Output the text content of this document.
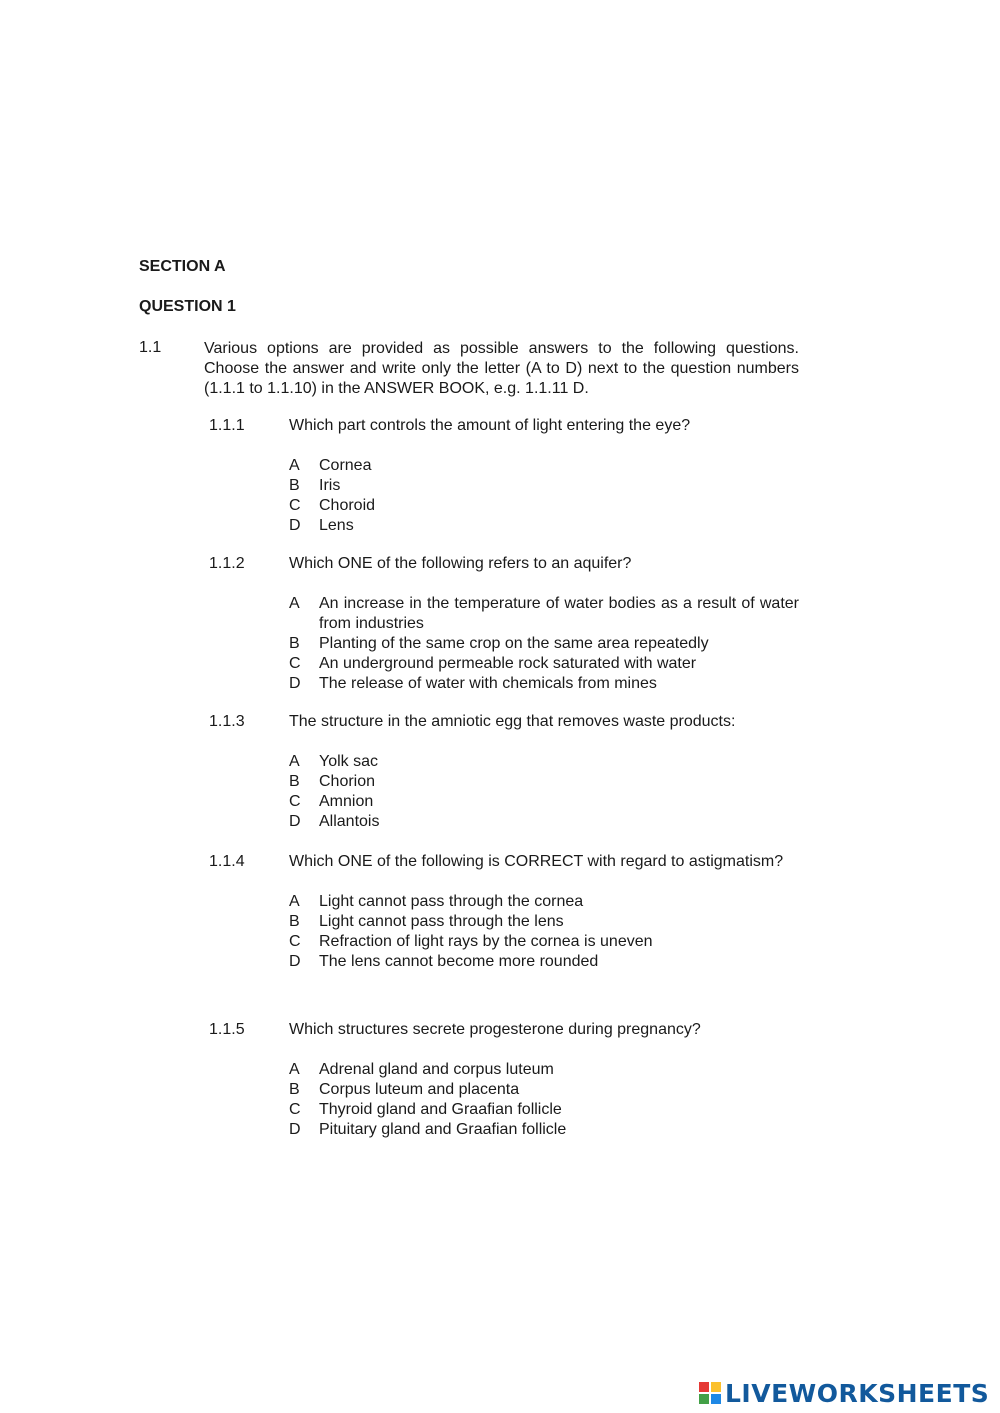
SECTION A
QUESTION 1
1.1	Various options are provided as possible answers to the following questions. Choose the answer and write only the letter (A to D) next to the question numbers (1.1.1 to 1.1.10) in the ANSWER BOOK, e.g. 1.1.11 D.
1.1.1	Which part controls the amount of light entering the eye?
A	Cornea
B	Iris
C	Choroid
D	Lens
1.1.2	Which ONE of the following refers to an aquifer?
A	An increase in the temperature of water bodies as a result of water from industries
B	Planting of the same crop on the same area repeatedly
C	An underground permeable rock saturated with water
D	The release of water with chemicals from mines
1.1.3	The structure in the amniotic egg that removes waste products:
A	Yolk sac
B	Chorion
C	Amnion
D	Allantois
1.1.4	Which ONE of the following is CORRECT with regard to astigmatism?
A	Light cannot pass through the cornea
B	Light cannot pass through the lens
C	Refraction of light rays by the cornea is uneven
D	The lens cannot become more rounded
1.1.5	Which structures secrete progesterone during pregnancy?
A	Adrenal gland and corpus luteum
B	Corpus luteum and placenta
C	Thyroid gland and Graafian follicle
D	Pituitary gland and Graafian follicle
LIVEWORKSHEETS
